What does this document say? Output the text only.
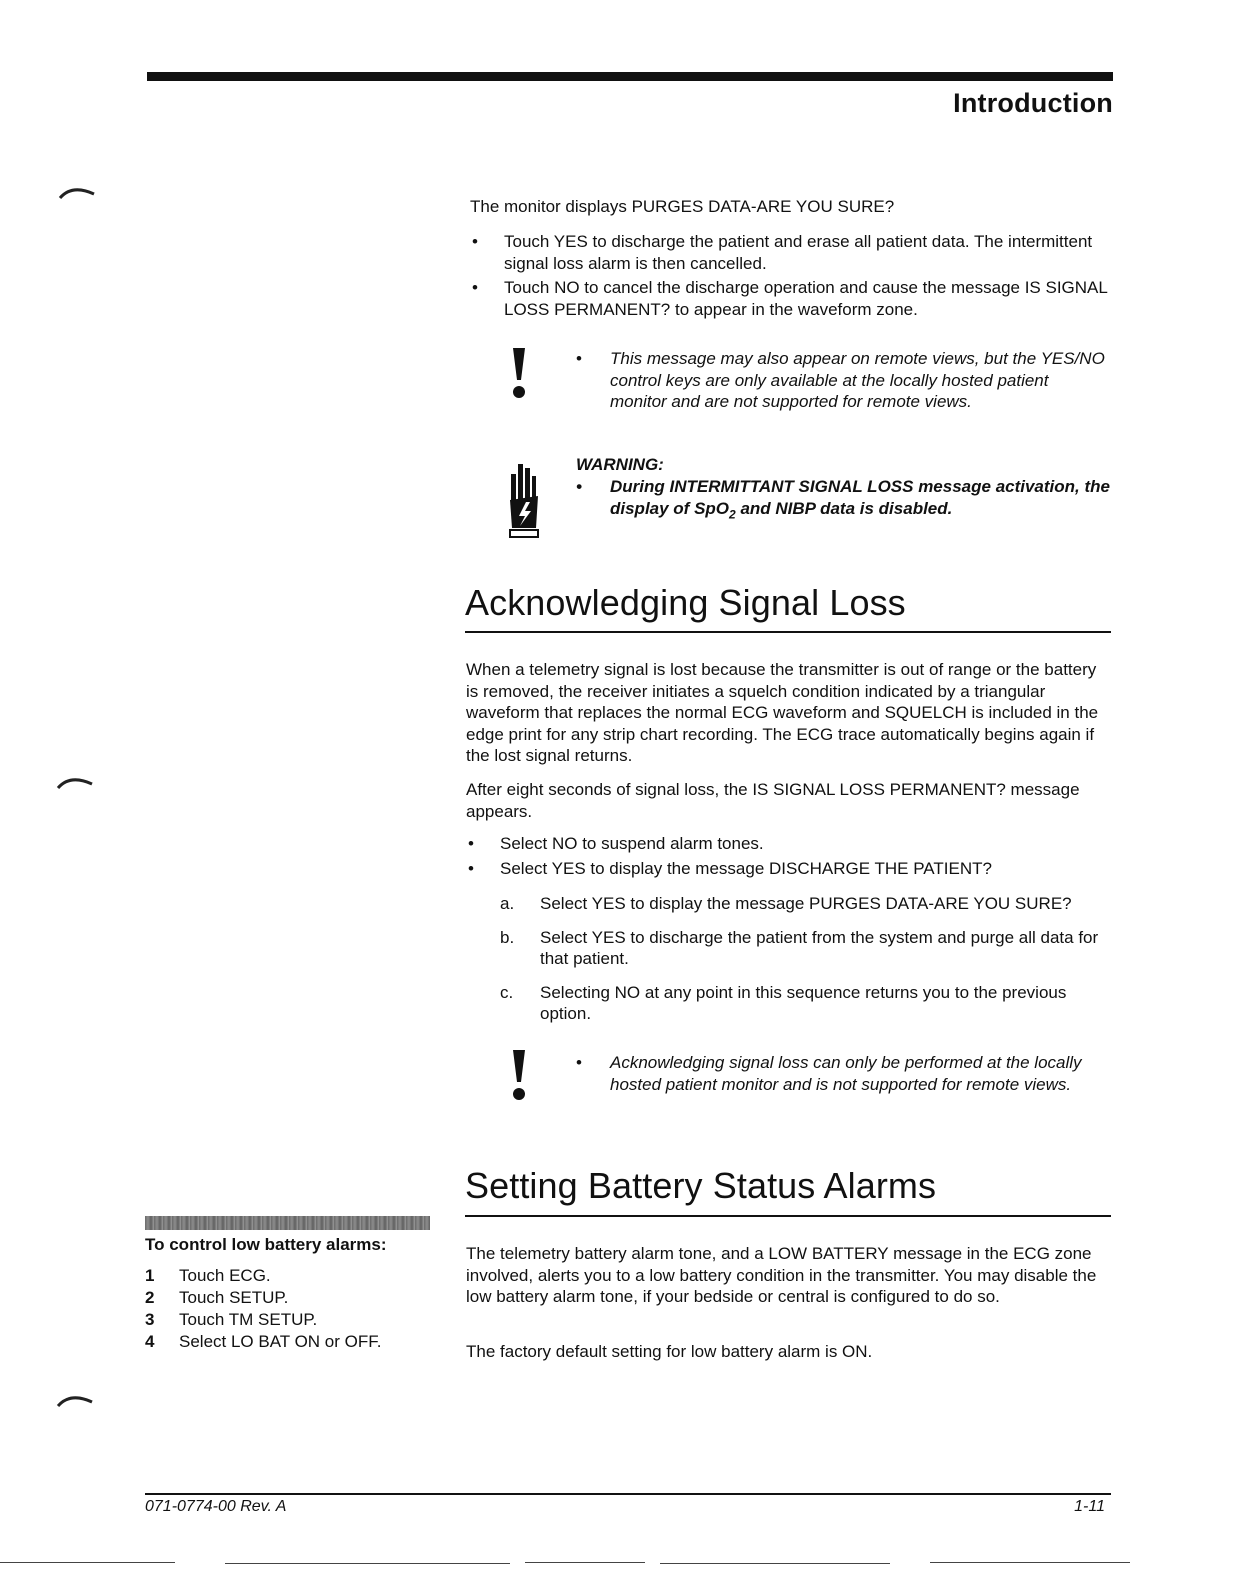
Introduction
The monitor displays PURGES DATA-ARE YOU SURE?
• Touch YES to discharge the patient and erase all patient data. The intermittent signal loss alarm is then cancelled.
• Touch NO to cancel the discharge operation and cause the message IS SIGNAL LOSS PERMANENT? to appear in the waveform zone.
•	This message may also appear on remote views, but the YES/NO control keys are only available at the locally hosted patient monitor and are not supported for remote views.
WARNING:
•	During INTERMITTANT SIGNAL LOSS message activation, the display of SpO$_2$ and NIBP data is disabled.
Acknowledging Signal Loss
When a telemetry signal is lost because the transmitter is out of range or the battery is removed, the receiver initiates a squelch condition indicated by a triangular waveform that replaces the normal ECG waveform and SQUELCH is included in the edge print for any strip chart recording. The ECG trace automatically begins again if the lost signal returns.
After eight seconds of signal loss, the IS SIGNAL LOSS PERMANENT? message appears.
• Select NO to suspend alarm tones.
• Select YES to display the message DISCHARGE THE PATIENT?
a. Select YES to display the message PURGES DATA-ARE YOU SURE?
b. Select YES to discharge the patient from the system and purge all data for that patient.
c. Selecting NO at any point in this sequence returns you to the previous option.
•	Acknowledging signal loss can only be performed at the locally hosted patient monitor and is not supported for remote views.
Setting Battery Status Alarms
The telemetry battery alarm tone, and a LOW BATTERY message in the ECG zone involved, alerts you to a low battery condition in the transmitter. You may disable the low battery alarm tone, if your bedside or central is configured to do so.
The factory default setting for low battery alarm is ON.
To control low battery alarms:
1 Touch ECG.
2 Touch SETUP.
3 Touch TM SETUP.
4 Select LO BAT ON or OFF.
071-0774-00 Rev. A	1-11
